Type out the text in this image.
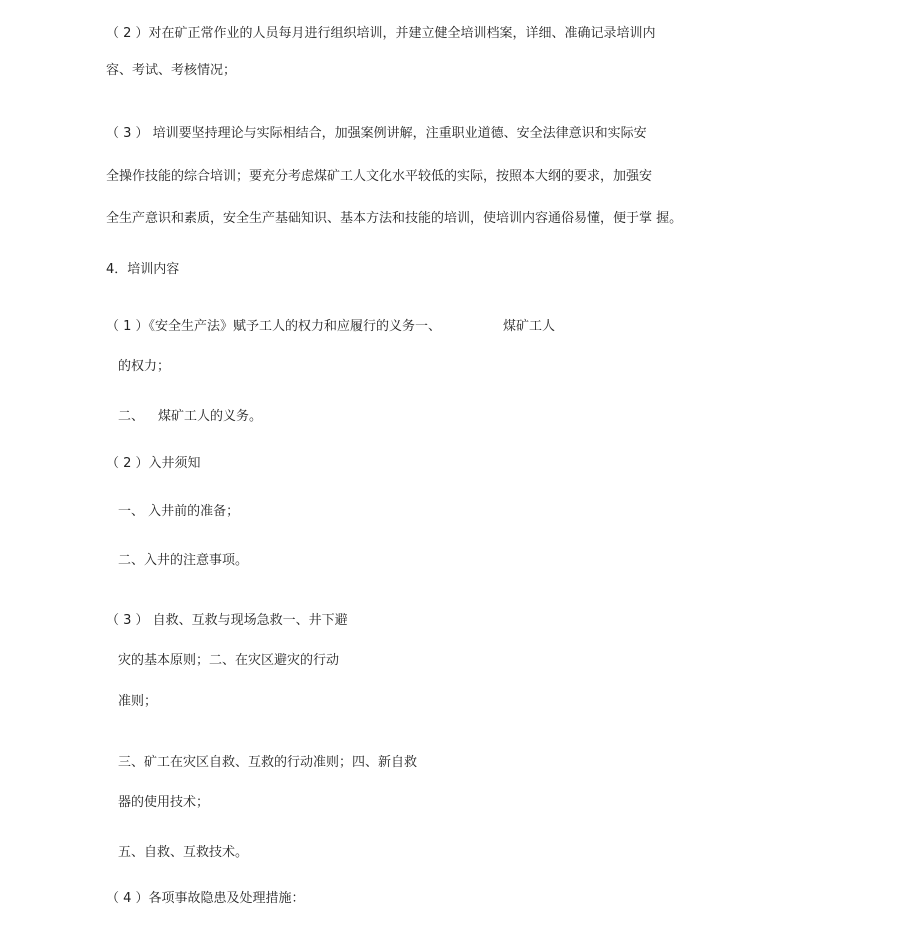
（ 2 ）对在矿正常作业的人员每月进行组织培训，并建立健全培训档案，详细、准确记录培训内
容、考试、考核情况；
（ 3 ） 培训要坚持理论与实际相结合，加强案例讲解，注重职业道德、安全法律意识和实际安
全操作技能的综合培训；要充分考虑煤矿工人文化水平较低的实际，按照本大纲的要求，加强安
全生产意识和素质，安全生产基础知识、基本方法和技能的培训，使培训内容通俗易懂，便于掌 握。
4．培训内容
（ 1 ）《安全生产法》赋予工人的权力和应履行的义务一、	煤矿工人
的权力；
二、 煤矿工人的义务。
（ 2 ）入井须知
一、 入井前的准备；
二、入井的注意事项。
（ 3 ） 自救、互救与现场急救一、井下避
灾的基本原则；二、在灾区避灾的行动
准则；
三、矿工在灾区自救、互救的行动准则；四、新自救
器的使用技术；
五、自救、互救技术。
（ 4 ）各项事故隐患及处理措施：
